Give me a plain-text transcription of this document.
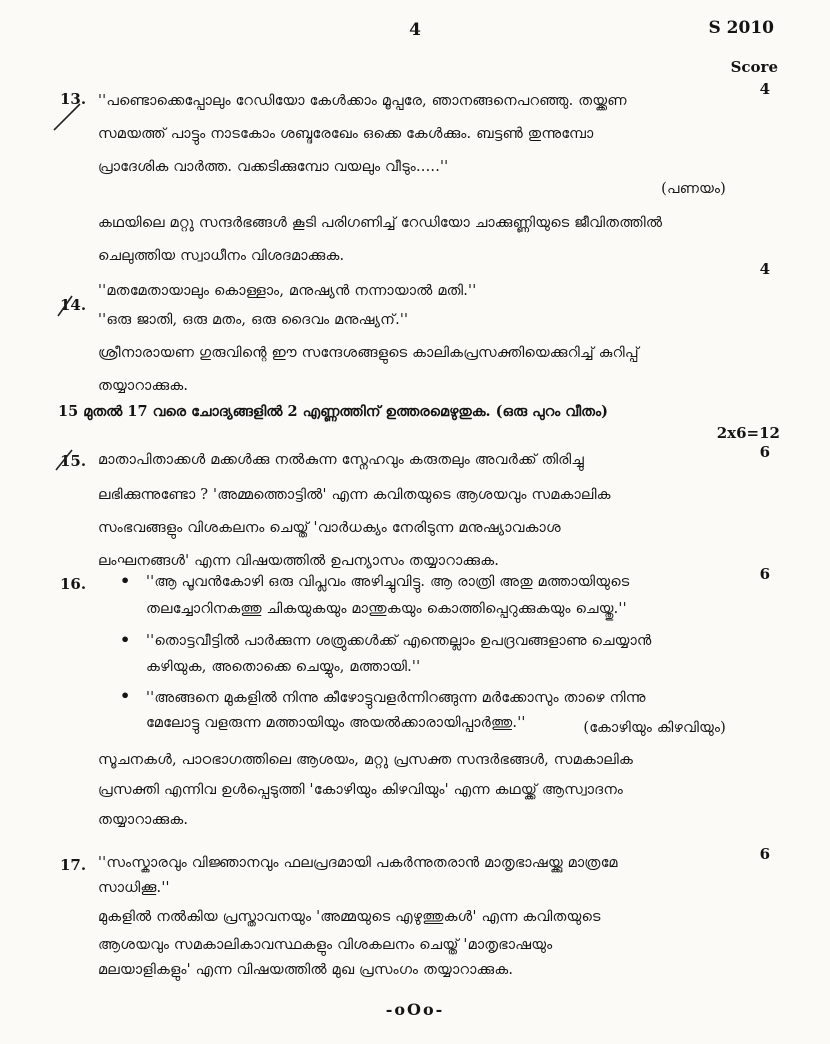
4	S 2010
Score
13.
4
''പണ്ടൊക്കെപ്പോലും റേഡിയോ കേൾക്കാം മൂപ്പരേ, ഞാനങ്ങനെപറഞ്ഞു. തയ്ക്കണ
സമയത്ത് പാട്ടും നാടകോം ശബ്ദരേഖേം ഒക്കെ കേൾക്കും. ബട്ടൺ തുന്നുമ്പോ
പ്രാദേശിക വാർത്ത. വക്കടിക്കുമ്പോ വയലും വീടും.....''
(പണയം)
കഥയിലെ മറ്റു സന്ദർഭങ്ങൾ കൂടി പരിഗണിച്ച് റേഡിയോ ചാക്കുണ്ണിയുടെ ജീവിതത്തിൽ
ചെലുത്തിയ സ്വാധീനം വിശദമാക്കുക.
14.
4
''മതമേതായാലും കൊള്ളാം, മനുഷ്യൻ നന്നായാൽ മതി.''
''ഒരു ജാതി, ഒരു മതം, ഒരു ദൈവം മനുഷ്യന്.''
ശ്രീനാരായണ ഗുരുവിന്റെ ഈ സന്ദേശങ്ങളുടെ കാലികപ്രസക്തിയെക്കുറിച്ച് കുറിപ്പ്
തയ്യാറാക്കുക.
15 മുതൽ 17 വരെ ചോദ്യങ്ങളിൽ 2 എണ്ണത്തിന് ഉത്തരമെഴുതുക. (ഒരു പുറം വീതം)
2x6=12
15.	6
മാതാപിതാക്കൾ മക്കൾക്കു നൽകുന്ന സ്നേഹവും കരുതലും അവർക്ക് തിരിച്ചു
ലഭിക്കുന്നുണ്ടോ ? 'അമ്മത്തൊട്ടിൽ' എന്ന കവിതയുടെ ആശയവും സമകാലിക
സംഭവങ്ങളും വിശകലനം ചെയ്ത് 'വാർധക്യം നേരിടുന്ന മനുഷ്യാവകാശ
ലംഘനങ്ങൾ' എന്ന വിഷയത്തിൽ ഉപന്യാസം തയ്യാറാക്കുക.
16.
6
• ''ആ പൂവൻകോഴി ഒരു വിപ്ലവം അഴിച്ചുവിട്ടു. ആ രാത്രി അതു മത്തായിയുടെ
തലച്ചോറിനകത്തു ചികയുകയും മാന്തുകയും കൊത്തിപ്പെറുക്കുകയും ചെയ്തു.''
• ''തൊട്ടവീട്ടിൽ പാർക്കുന്ന ശത്രുക്കൾക്ക് എന്തെല്ലാം ഉപദ്രവങ്ങളാണു ചെയ്യാൻ
കഴിയുക, അതൊക്കെ ചെയ്യും, മത്തായി.''
• ''അങ്ങനെ മുകളിൽ നിന്നു കീഴോട്ടുവളർന്നിറങ്ങുന്ന മർക്കോസും താഴെ നിന്നു
മേലോട്ടു വളരുന്ന മത്തായിയും അയൽക്കാരായിപ്പാർത്തു.''	(കോഴിയും കിഴവിയും)
സൂചനകൾ, പാഠഭാഗത്തിലെ ആശയം, മറ്റു പ്രസക്ത സന്ദർഭങ്ങൾ, സമകാലിക
പ്രസക്തി എന്നിവ ഉൾപ്പെടുത്തി 'കോഴിയും കിഴവിയും' എന്ന കഥയ്ക്ക് ആസ്വാദനം
തയ്യാറാക്കുക.
17.
6
''സംസ്കാരവും വിജ്ഞാനവും ഫലപ്രദമായി പകർന്നുതരാൻ മാതൃഭാഷയ്ക്കു മാത്രമേ
സാധിക്കൂ.''
മുകളിൽ നൽകിയ പ്രസ്താവനയും 'അമ്മയുടെ എഴുത്തുകൾ' എന്ന കവിതയുടെ
ആശയവും സമകാലികാവസ്ഥകളും വിശകലനം ചെയ്ത് 'മാതൃഭാഷയും
മലയാളികളും' എന്ന വിഷയത്തിൽ മുഖ പ്രസംഗം തയ്യാറാക്കുക.
-oOo-
